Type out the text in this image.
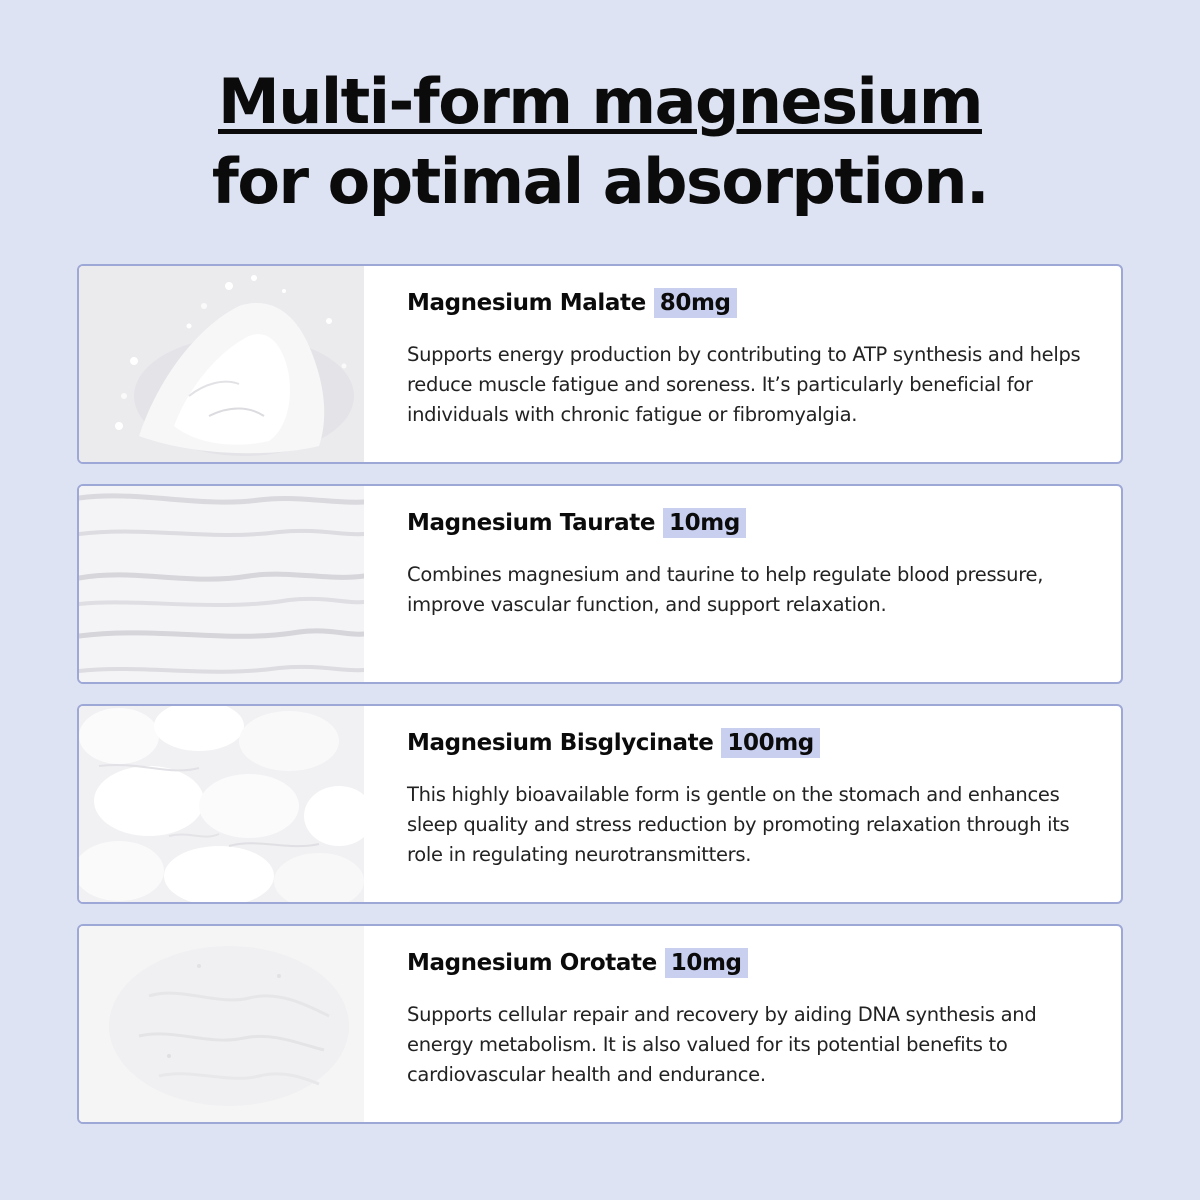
Multi-form magnesium
for optimal absorption.
Magnesium Malate 80mg
Supports energy production by contributing to ATP synthesis and helps reduce muscle fatigue and soreness. It’s particularly beneficial for individuals with chronic fatigue or fibromyalgia.
Magnesium Taurate 10mg
Combines magnesium and taurine to help regulate blood pressure, improve vascular function, and support relaxation.
Magnesium Bisglycinate 100mg
This highly bioavailable form is gentle on the stomach and enhances sleep quality and stress reduction by promoting relaxation through its role in regulating neurotransmitters.
Magnesium Orotate 10mg
Supports cellular repair and recovery by aiding DNA synthesis and energy metabolism. It is also valued for its potential benefits to cardiovascular health and endurance.
